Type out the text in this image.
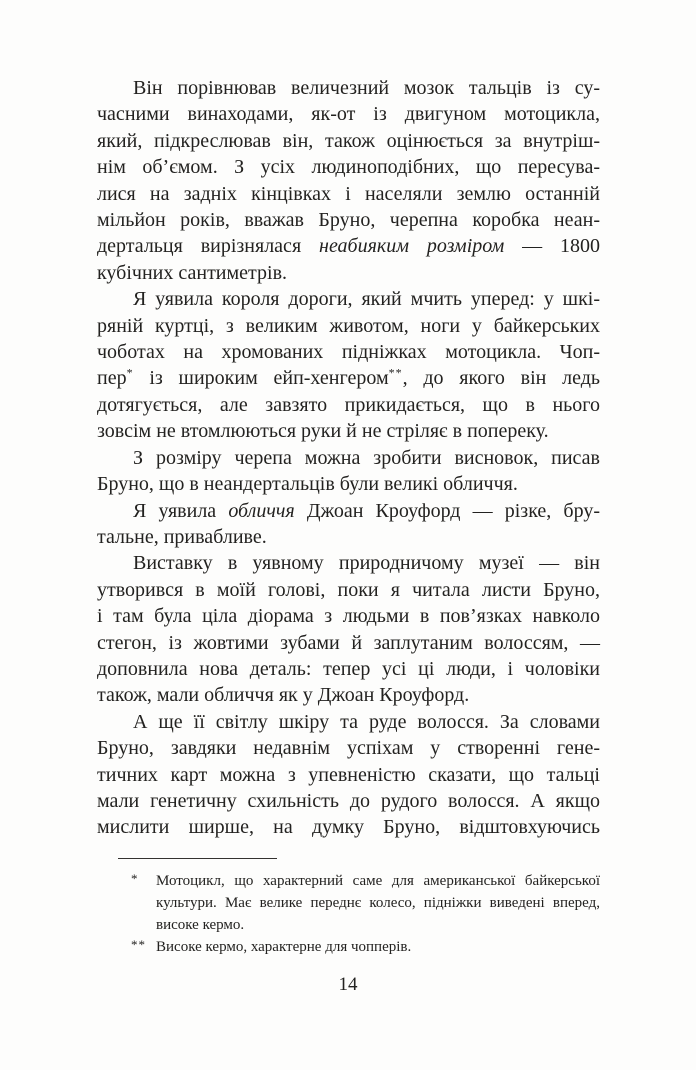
Він порівнював величезний мозок тальців із су-
часними винаходами, як-от із двигуном мотоцикла,
який, підкреслював він, також оцінюється за внутріш-
нім об’ємом. З усіх людиноподібних, що пересува-
лися на задніх кінцівках і населяли землю останній
мільйон років, вважав Бруно, черепна коробка неан-
дертальця вирізнялася неабияким розміром — 1800
кубічних сантиметрів.
Я уявила короля дороги, який мчить уперед: у шкі-
ряній куртці, з великим животом, ноги у байкерських
чоботах на хромованих підніжках мотоцикла. Чоп-
пер* із широким ейп-хенгером**, до якого він ледь
дотягується, але завзято прикидається, що в нього
зовсім не втомлюються руки й не стріляє в попереку.
З розміру черепа можна зробити висновок, писав
Бруно, що в неандертальців були великі обличчя.
Я уявила обличчя Джоан Кроуфорд — різке, бру-
тальне, привабливе.
Виставку в уявному природничому музеї — він
утворився в моїй голові, поки я читала листи Бруно,
і там була ціла діорама з людьми в пов’язках навколо
стегон, із жовтими зубами й заплутаним волоссям, —
доповнила нова деталь: тепер усі ці люди, і чоловіки
також, мали обличчя як у Джоан Кроуфорд.
А ще її світлу шкіру та руде волосся. За словами
Бруно, завдяки недавнім успіхам у створенні гене-
тичних карт можна з упевненістю сказати, що тальці
мали генетичну схильність до рудого волосся. А якщо
мислити ширше, на думку Бруно, відштовхуючись
*	Мотоцикл, що характерний саме для американської байкерської культури. Має велике переднє колесо, підніжки виведені вперед, високе кермо.
** Високе кермо, характерне для чопперів.
14
